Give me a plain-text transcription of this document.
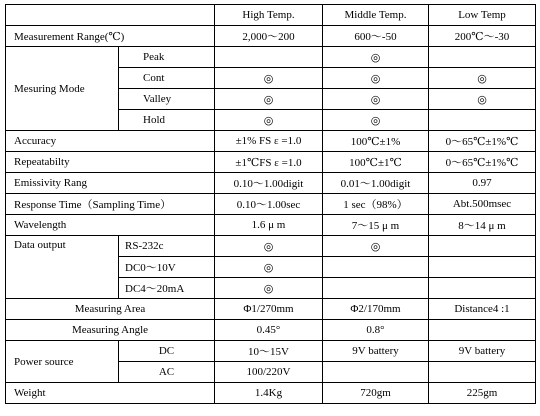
		High Temp.	Middle Temp.	Low Temp
Measurement Range(℃)		2,000～200	600～-50	200℃～-30
Mesuring Mode	Peak		◎	
	Cont	◎	◎	◎
	Valley	◎	◎	◎
	Hold	◎	◎	
Accuracy		±1% FS ε =1.0	100℃±1%	0～65℃±1%℃
Repeatabilty		±1℃FS ε =1.0	100℃±1℃	0～65℃±1%℃
Emissivity Rang		0.10～1.00digit	0.01～1.00digit	0.97
Response Time（Sampling Time）		0.10～1.00sec	1 sec（98%）	Abt.500msec
Wavelength		1.6 μ m	7～15 μ m	8～14 μ m
Data output	RS-232c	◎	◎	
	DC0～10V	◎		
	DC4～20mA	◎		
Measuring Area		Φ1/270mm	Φ2/170mm	Distance4 :1
Measuring Angle		0.45°	0.8°	
Power source	DC	10～15V	9V battery	9V battery
	AC	100/220V		
Weight		1.4Kg	720gm	225gm
